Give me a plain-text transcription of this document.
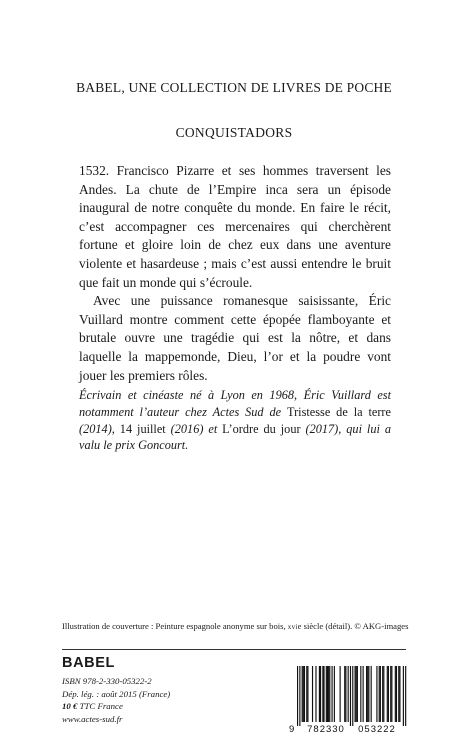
BABEL, UNE COLLECTION DE LIVRES DE POCHE
CONQUISTADORS

1532. Francisco Pizarre et ses hommes traversent les Andes. La chute de l’Empire inca sera un épisode inaugural de notre conquête du monde. En faire le récit, c’est accompagner ces mercenaires qui cherchèrent fortune et gloire loin de chez eux dans une aventure violente et hasardeuse ; mais c’est aussi entendre le bruit que fait un monde qui s’écroule.

Avec une puissance romanesque saisissante, Éric Vuillard montre comment cette épopée flamboyante et brutale ouvre une tragédie qui est la nôtre, et dans laquelle la mappemonde, Dieu, l’or et la poudre vont jouer les premiers rôles.

Écrivain et cinéaste né à Lyon en 1968, Éric Vuillard est notamment l’auteur chez Actes Sud de Tristesse de la terre (2014), 14 juillet (2016) et L’ordre du jour (2017), qui lui a valu le prix Goncourt.
Illustration de couverture : Peinture espagnole anonyme sur bois, xvie siècle (détail). © AKG-images
BABEL
ISBN 978-2-330-05322-2
Dép. lég. : août 2015 (France)
10 € TTC France
www.actes-sud.fr
9 782330 053222
